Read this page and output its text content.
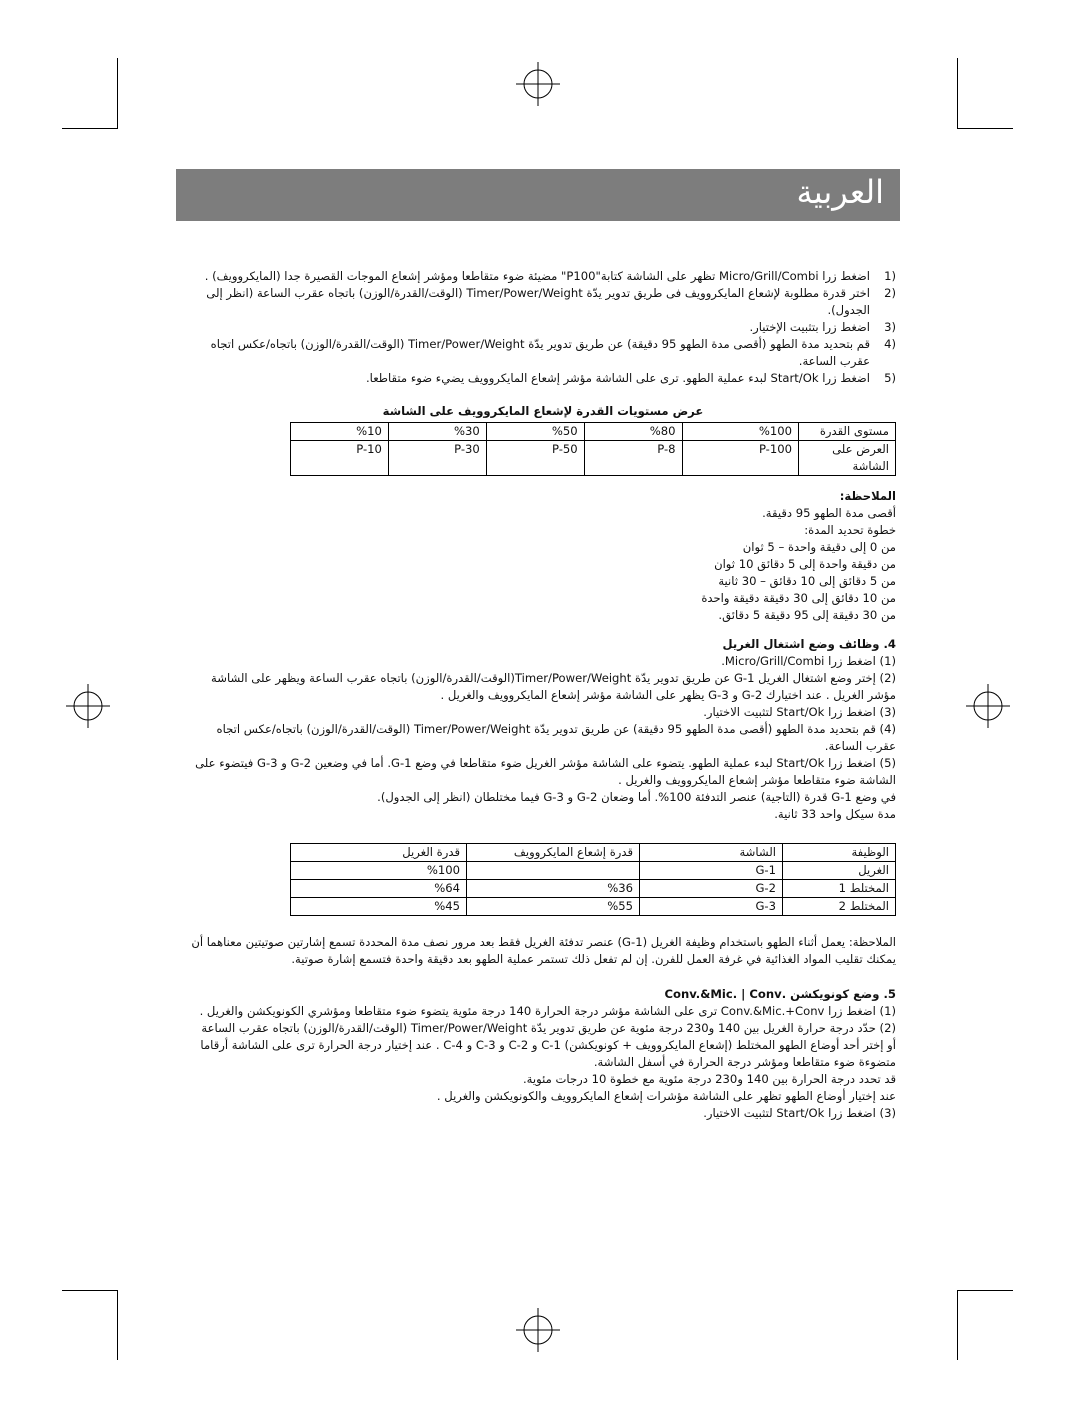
العربية
(1
اضغط زرا Micro/Grill/Combi تظهر على الشاشة كتابة"P100" مضيئة ضوء متقاطعا ومؤشر إشعاع الموجات القصيرة جدا (المايكروويف) .
(2
اختر قدرة مطلوبة لإشعاع المايكروويف فى طريق تدوير يدّة Timer/Power/Weight (الوقت/القدرة/الوزن) باتجاه عقرب الساعة (انظر إلى الجدول).
(3
اضغط زرا بتثبيت الإختيار.
(4
قم بتحديد مدة الطهو (أقصى مدة الطهو 95 دقيقة) عن طريق تدوير يدّة Timer/Power/Weight (الوقت/القدرة/الوزن) باتجاه/عكس اتجاه عقرب الساعة.
(5
اضغط زرا Start/Ok لبدء عملية الطهو. ترى على الشاشة مؤشر إشعاع المايكروويف يضيء ضوء متقاطعا.
عرض مستويات القدرة لإشعاع المايكروويف على الشاشة
مستوى القدرة	%100	%80	%50	%30	%10
العرض على الشاشة	P-100	P-8	P-50	P-30	P-10
الملاحظة:
أقصى مدة الطهو 95 دقيقة.
خطوة تحديد المدة:
من 0 إلى دقيقة واحدة – 5 ثوان
من دقيقة واحدة إلى 5 دقائق 10 ثوان
من 5 دقائق إلى 10 دقائق – 30 ثانية
من 10 دقائق إلى 30 دقيقة دقيقة واحدة
من 30 دقيقة إلى 95 دقيقة 5 دقائق.
4. وظائف وضع اشتغال الغريل
(1) اضغط زرا Micro/Grill/Combi.
(2) إختر وضع اشتغال الغريل G-1 عن طريق تدوير يدّة Timer/Power/Weight(الوقت/القدرة/الوزن) باتجاه عقرب الساعة ويظهر على الشاشة مؤشر الغريل . عند اختيارك G-2 و G-3 يظهر على الشاشة مؤشر إشعاع المايكروويف والغريل .
(3) اضغط زرا Start/Ok لتثبيت الاختيار.
(4) قم بتحديد مدة الطهو (أقصى مدة الطهو 95 دقيقة) عن طريق تدوير يدّة Timer/Power/Weight (الوقت/القدرة/الوزن) باتجاه/عكس اتجاه عقرب الساعة.
(5) اضغط زرا Start/Ok لبدء عملية الطهو. يتضوء على الشاشة مؤشر الغريل ضوء متقاطعا في وضع G-1. أما في وضعين G-2 و G-3 فيتضوء على الشاشة ضوء متقاطعا مؤشر إشعاع المايكروويف والغريل .
في وضع G-1 قدرة (التاجية) عنصر التدفئة 100%. أما وضعان G-2 و G-3 فيما مختلطان (انظر إلى الجدول).
مدة سيكل واحد 33 ثانية.
الوظيفة	الشاشة	قدرة إشعاع المايكروويف	قدرة الغريل
الغريل	G-1		%100
المختلط 1	G-2	%36	%64
المختلط 2	G-3	%55	%45
الملاحظة: يعمل أثناء الطهو باستخدام وظيفة الغريل (G-1) عنصر تدفئة الغريل فقط بعد مرور نصف مدة المحددة تسمع إشارتين صوتيتين معناهما أن يمكنك تقليب المواد الغذائية في غرفة العمل للفرن. إن لم تفعل ذلك تستمر عملية الطهو بعد دقيقة واحدة فتسمع إشارة صوتية.
5. وضع كونويكشن .Conv.&Mic. | Conv
(1) اضغط زرا Conv.&Mic.+Conv ترى على الشاشة مؤشر درجة الحرارة 140 درجة مئوية يتضوء ضوء متقاطعا ومؤشري الكونويكشن والغريل .
(2) حدّد درجة حرارة الغريل بين 140 و230 درجة مئوية عن طريق تدوير يدّة Timer/Power/Weight (الوقت/القدرة/الوزن) باتجاه عقرب الساعة أو إختر أحد أوضاع الطهو المختلط (إشعاع المايكروويف + كونويكشن) C-1 و C-2 و C-3 و C-4 . عند إختيار درجة الحرارة ترى على الشاشة أرقاما متضوءة ضوء متقاطعا ومؤشر درجة الحرارة في أسفل الشاشة.
قد تحدد درجة الحرارة بين 140 و230 درجة مئوية مع خطوة 10 درجات مئوية.
عند إختيار أوضاع الطهو تظهر على الشاشة مؤشرات إشعاع المايكروويف والكونويكشن والغريل .
(3) اضغط زرا Start/Ok لتثبيت الاختيار.
